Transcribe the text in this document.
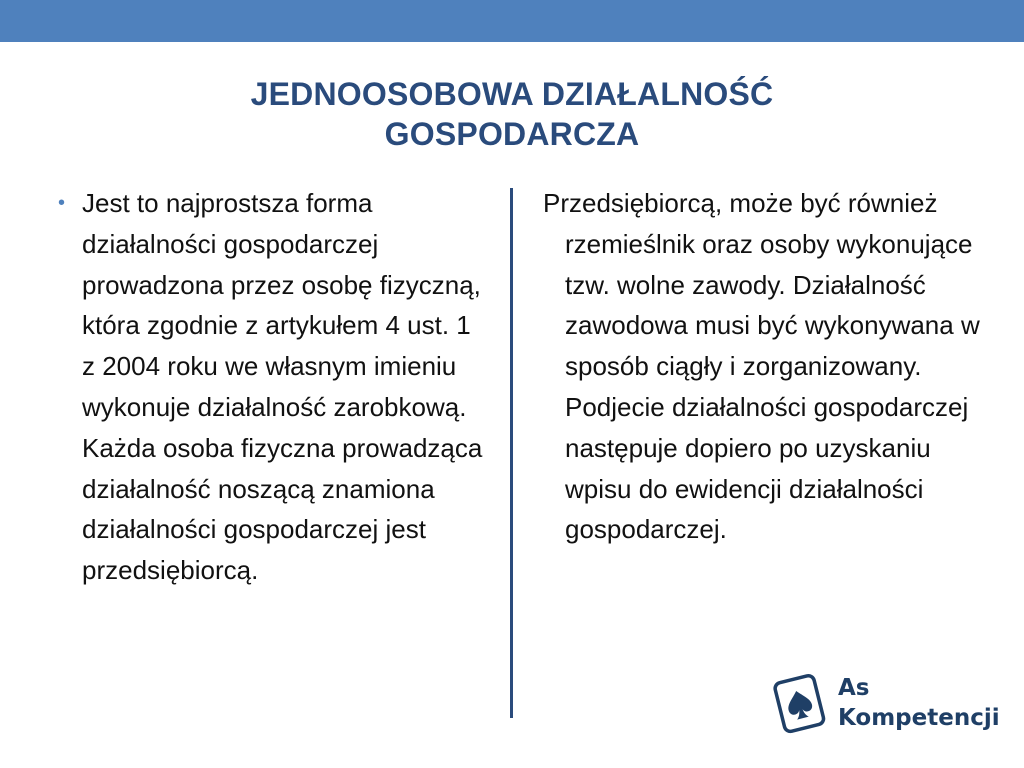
JEDNOOSOBOWA DZIAŁALNOŚĆ
GOSPODARCZA
• Jest to najprostsza forma działalności gospodarczej prowadzona przez osobę fizyczną, która zgodnie z artykułem 4 ust. 1 z 2004 roku we własnym imieniu wykonuje działalność zarobkową. Każda osoba fizyczna prowadząca działalność noszącą znamiona działalności gospodarczej jest przedsiębiorcą.

Przedsiębiorcą, może być również rzemieślnik oraz osoby wykonujące tzw. wolne zawody. Działalność zawodowa musi być wykonywana w sposób ciągły i zorganizowany. Podjecie działalności gospodarczej następuje dopiero po uzyskaniu wpisu do ewidencji działalności gospodarczej.

As
Kompetencji
